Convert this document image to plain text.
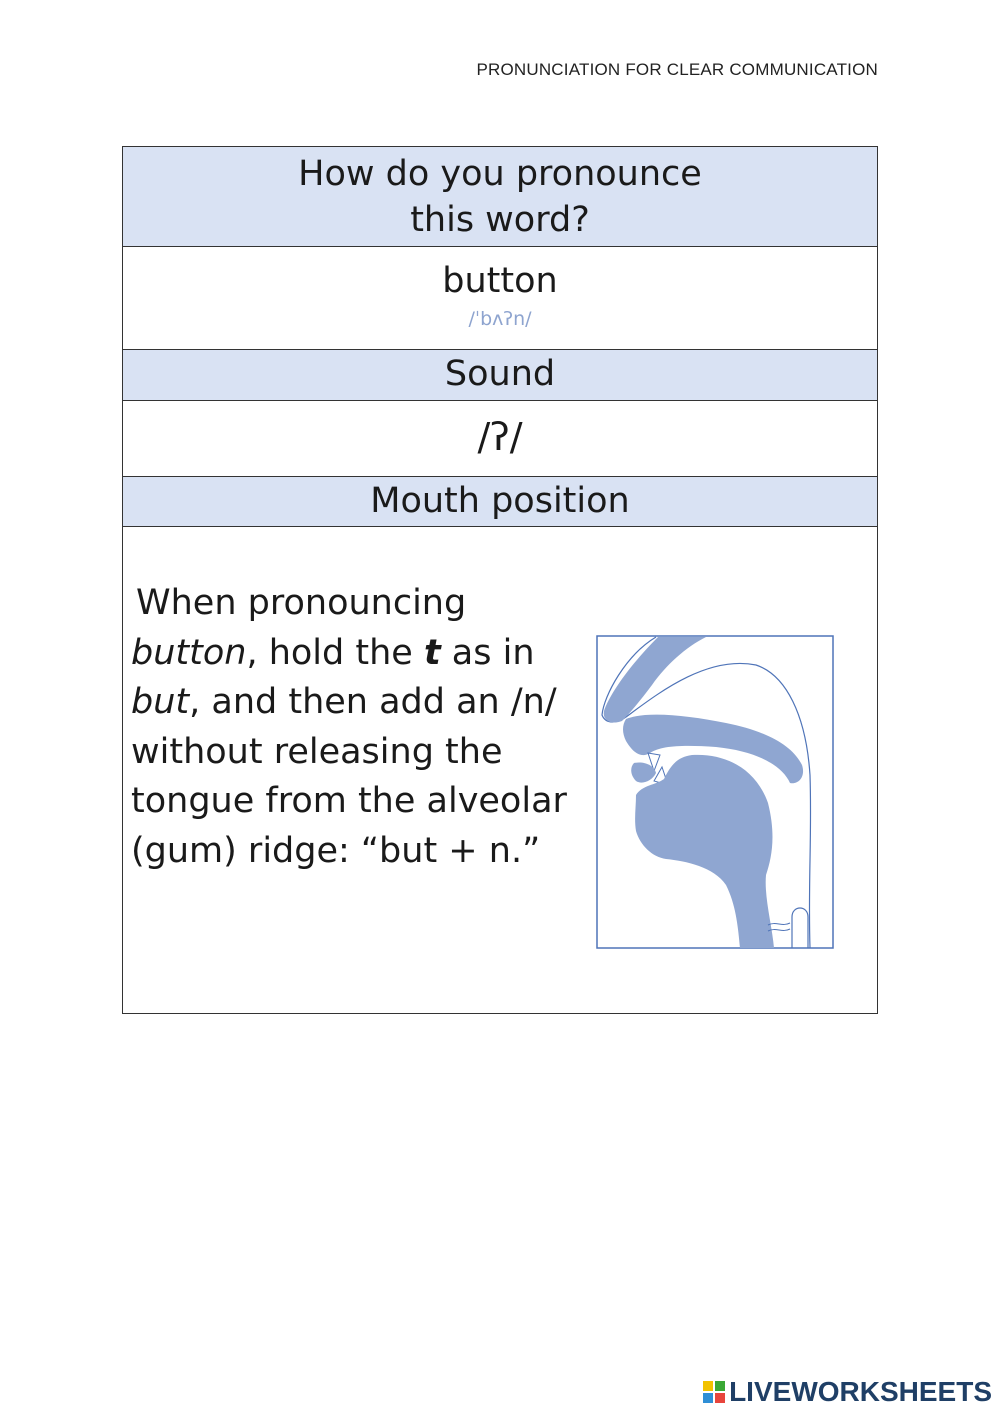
PRONUNCIATION FOR CLEAR COMMUNICATION
How do you pronounce
this word?
button
/ˈbʌʔn/
Sound
/ʔ/
Mouth position
When pronouncing
button, hold the t as in
but, and then add an /n/
without releasing the
tongue from the alveolar
(gum) ridge: “but + n.”
LIVEWORKSHEETS
